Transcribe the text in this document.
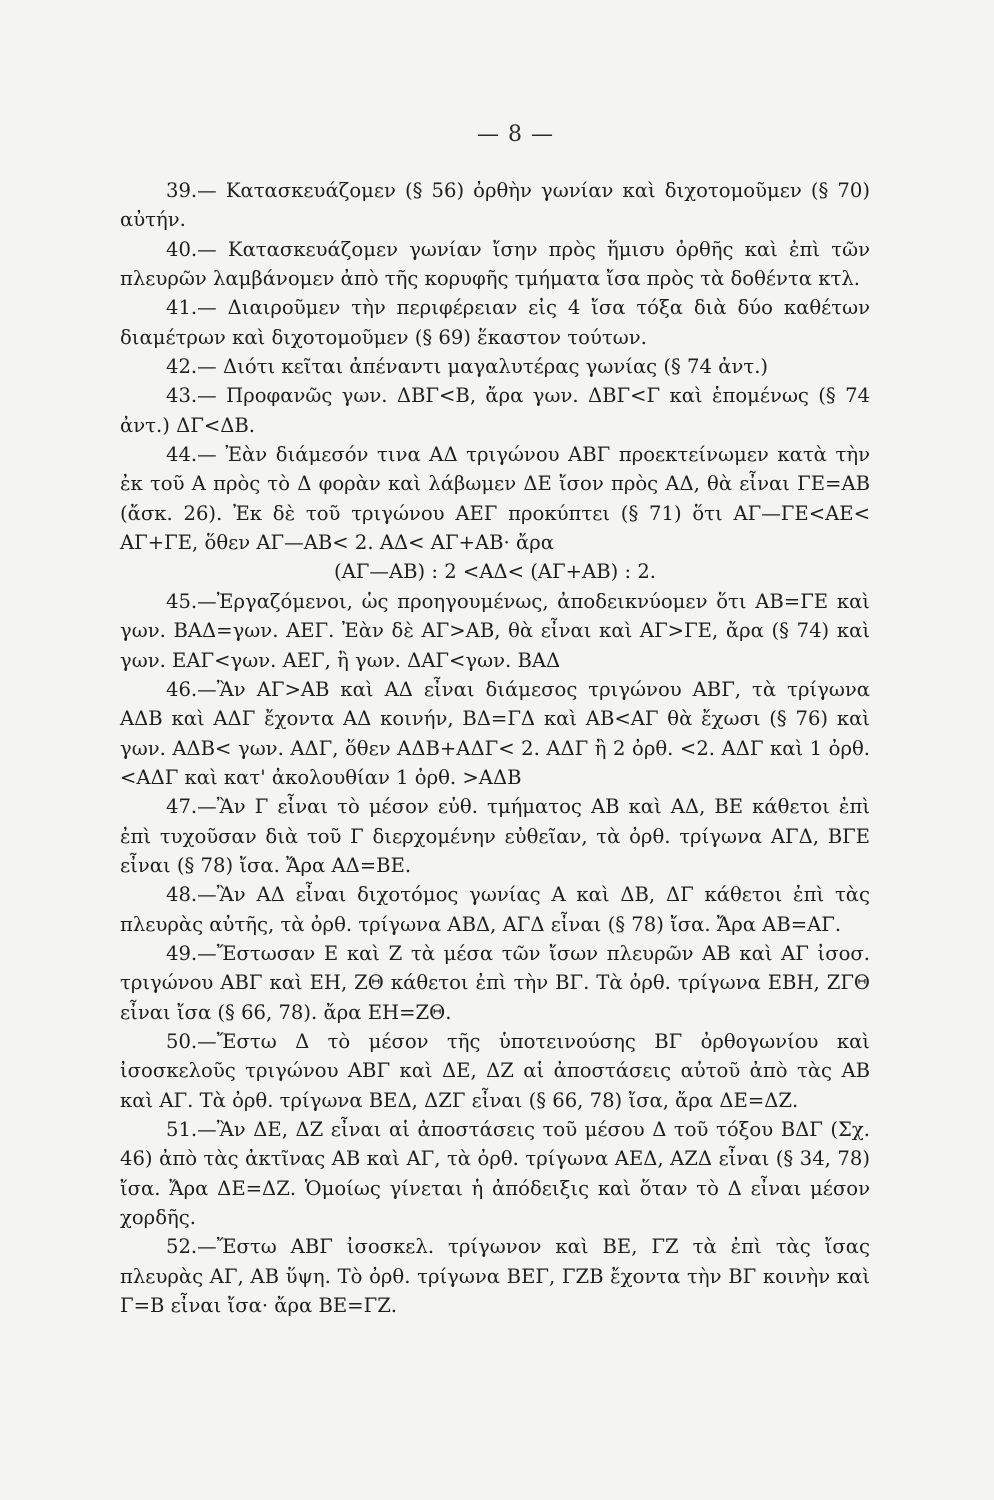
— 8 —

39.— Κατασκευάζομεν (§ 56) ὀρθὴν γωνίαν καὶ διχοτομοῦμεν (§ 70) αὐτήν.

40.— Κατασκευάζομεν γωνίαν ἴσην πρὸς ἥμισυ ὀρθῆς καὶ ἐπὶ τῶν πλευρῶν λαμβάνομεν ἀπὸ τῆς κορυφῆς τμήματα ἴσα πρὸς τὰ δοθέντα κτλ.

41.— Διαιροῦμεν τὴν περιφέρειαν εἰς 4 ἴσα τόξα διὰ δύο καθέτων διαμέτρων καὶ διχοτομοῦμεν (§ 69) ἕκαστον τούτων.

42.— Διότι κεῖται ἀπέναντι μαγαλυτέρας γωνίας (§ 74 ἀντ.)

43.— Προφανῶς γων. ΔΒΓ<Β, ἄρα γων. ΔΒΓ<Γ καὶ ἑπομένως (§ 74 ἀντ.) ΔΓ<ΔΒ.

44.— Ἐὰν διάμεσόν τινα ΑΔ τριγώνου ΑΒΓ προεκτείνωμεν κατὰ τὴν ἐκ τοῦ Α πρὸς τὸ Δ φορὰν καὶ λάβωμεν ΔΕ ἴσον πρὸς ΑΔ, θὰ εἶναι ΓΕ=ΑΒ (ἄσκ. 26). Ἐκ δὲ τοῦ τριγώνου ΑΕΓ προκύπτει (§ 71) ὅτι ΑΓ—ΓΕ<ΑΕ< ΑΓ+ΓΕ, ὅθεν ΑΓ—ΑΒ< 2. ΑΔ< ΑΓ+ΑΒ· ἄρα

(ΑΓ—ΑΒ) : 2 <ΑΔ< (ΑΓ+ΑΒ) : 2.

45.—Ἐργαζόμενοι, ὡς προηγουμένως, ἀποδεικνύομεν ὅτι ΑΒ=ΓΕ καὶ γων. ΒΑΔ=γων. ΑΕΓ. Ἐὰν δὲ ΑΓ>ΑΒ, θὰ εἶναι καὶ ΑΓ>ΓΕ, ἄρα (§ 74) καὶ γων. ΕΑΓ<γων. ΑΕΓ, ἢ γων. ΔΑΓ<γων. ΒΑΔ

46.—Ἂν ΑΓ>ΑΒ καὶ ΑΔ εἶναι διάμεσος τριγώνου ΑΒΓ, τὰ τρίγωνα ΑΔΒ καὶ ΑΔΓ ἔχοντα ΑΔ κοινήν, ΒΔ=ΓΔ καὶ ΑΒ<ΑΓ θὰ ἔχωσι (§ 76) καὶ γων. ΑΔΒ< γων. ΑΔΓ, ὅθεν ΑΔΒ+ΑΔΓ< 2. ΑΔΓ ἢ 2 ὀρθ. <2. ΑΔΓ καὶ 1 ὀρθ. <ΑΔΓ καὶ κατ' ἀκολουθίαν 1 ὀρθ. >ΑΔΒ

47.—Ἂν Γ εἶναι τὸ μέσον εὐθ. τμήματος ΑΒ καὶ ΑΔ, ΒΕ κάθετοι ἐπὶ ἐπὶ τυχοῦσαν διὰ τοῦ Γ διερχομένην εὐθεῖαν, τὰ ὀρθ. τρίγωνα ΑΓΔ, ΒΓΕ εἶναι (§ 78) ἴσα. Ἄρα ΑΔ=ΒΕ.

48.—Ἂν ΑΔ εἶναι διχοτόμος γωνίας Α καὶ ΔΒ, ΔΓ κάθετοι ἐπὶ τὰς πλευρὰς αὐτῆς, τὰ ὀρθ. τρίγωνα ΑΒΔ, ΑΓΔ εἶναι (§ 78) ἴσα. Ἄρα ΑΒ=ΑΓ.

49.—Ἔστωσαν Ε καὶ Ζ τὰ μέσα τῶν ἴσων πλευρῶν ΑΒ καὶ ΑΓ ἰσοσ. τριγώνου ΑΒΓ καὶ ΕΗ, ΖΘ κάθετοι ἐπὶ τὴν ΒΓ. Τὰ ὀρθ. τρίγωνα ΕΒΗ, ΖΓΘ εἶναι ἴσα (§ 66, 78). ἄρα ΕΗ=ΖΘ.

50.—Ἔστω Δ τὸ μέσον τῆς ὑποτεινούσης ΒΓ ὀρθογωνίου καὶ ἰσοσκελοῦς τριγώνου ΑΒΓ καὶ ΔΕ, ΔΖ αἱ ἀποστάσεις αὐτοῦ ἀπὸ τὰς ΑΒ καὶ ΑΓ. Τὰ ὀρθ. τρίγωνα ΒΕΔ, ΔΖΓ εἶναι (§ 66, 78) ἴσα, ἄρα ΔΕ=ΔΖ.

51.—Ἂν ΔΕ, ΔΖ εἶναι αἱ ἀποστάσεις τοῦ μέσου Δ τοῦ τόξου ΒΔΓ (Σχ. 46) ἀπὸ τὰς ἀκτῖνας ΑΒ καὶ ΑΓ, τὰ ὀρθ. τρίγωνα ΑΕΔ, ΑΖΔ εἶναι (§ 34, 78) ἴσα. Ἄρα ΔΕ=ΔΖ. Ὁμοίως γίνεται ἡ ἀπόδειξις καὶ ὅταν τὸ Δ εἶναι μέσον χορδῆς.

52.—Ἔστω ΑΒΓ ἰσοσκελ. τρίγωνον καὶ ΒΕ, ΓΖ τὰ ἐπὶ τὰς ἴσας πλευρὰς ΑΓ, ΑΒ ὕψη. Τὸ ὀρθ. τρίγωνα ΒΕΓ, ΓΖΒ ἔχοντα τὴν ΒΓ κοινὴν καὶ Γ=Β εἶναι ἴσα· ἄρα ΒΕ=ΓΖ.
